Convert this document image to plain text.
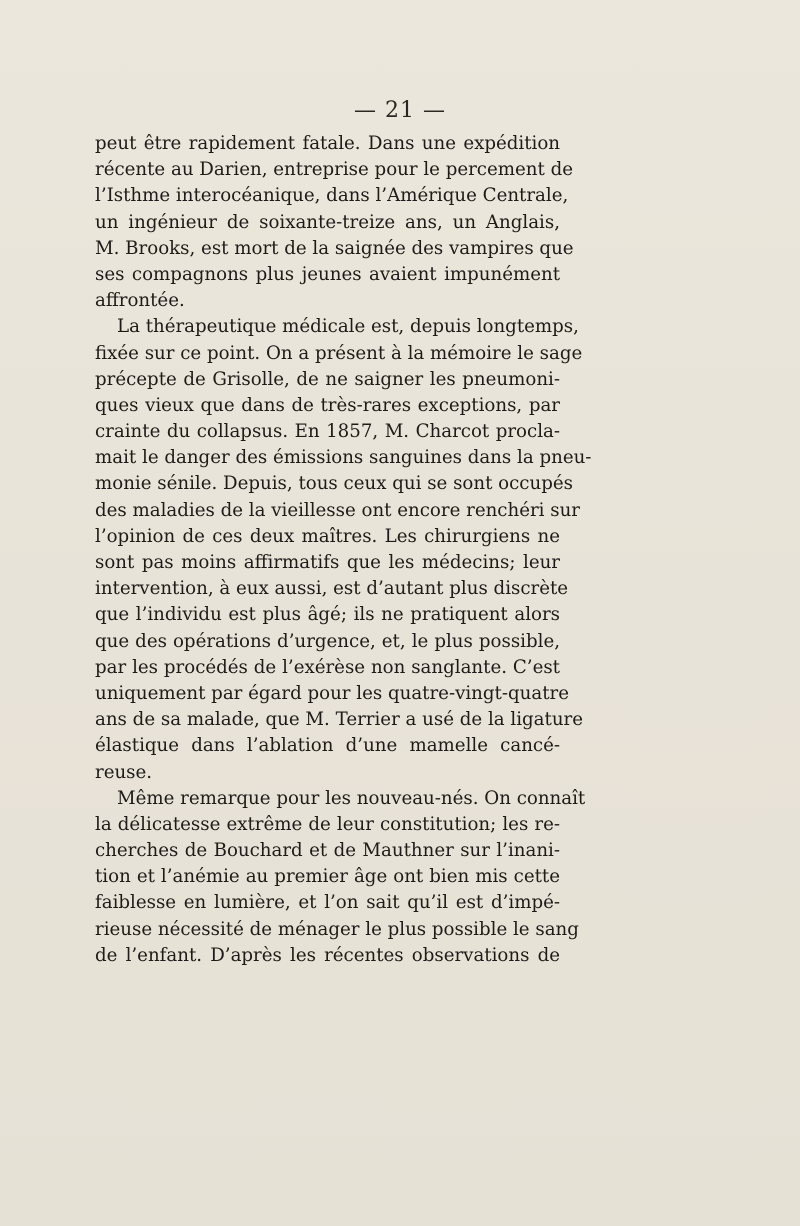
— 21 —
peut être rapidement fatale. Dans une expédition
récente au Darien, entreprise pour le percement de
l’Isthme interocéanique, dans l’Amérique Centrale,
un ingénieur de soixante-treize ans, un Anglais,
M. Brooks, est mort de la saignée des vampires que
ses compagnons plus jeunes avaient impunément
affrontée.
La thérapeutique médicale est, depuis longtemps,
fixée sur ce point. On a présent à la mémoire le sage
précepte de Grisolle, de ne saigner les pneumoni-
ques vieux que dans de très-rares exceptions, par
crainte du collapsus. En 1857, M. Charcot procla-
mait le danger des émissions sanguines dans la pneu-
monie sénile. Depuis, tous ceux qui se sont occupés
des maladies de la vieillesse ont encore renchéri sur
l’opinion de ces deux maîtres. Les chirurgiens ne
sont pas moins affirmatifs que les médecins; leur
intervention, à eux aussi, est d’autant plus discrète
que l’individu est plus âgé; ils ne pratiquent alors
que des opérations d’urgence, et, le plus possible,
par les procédés de l’exérèse non sanglante. C’est
uniquement par égard pour les quatre-vingt-quatre
ans de sa malade, que M. Terrier a usé de la ligature
élastique dans l’ablation d’une mamelle cancé-
reuse.
Même remarque pour les nouveau-nés. On connaît
la délicatesse extrême de leur constitution; les re-
cherches de Bouchard et de Mauthner sur l’inani-
tion et l’anémie au premier âge ont bien mis cette
faiblesse en lumière, et l’on sait qu’il est d’impé-
rieuse nécessité de ménager le plus possible le sang
de l’enfant. D’après les récentes observations de
